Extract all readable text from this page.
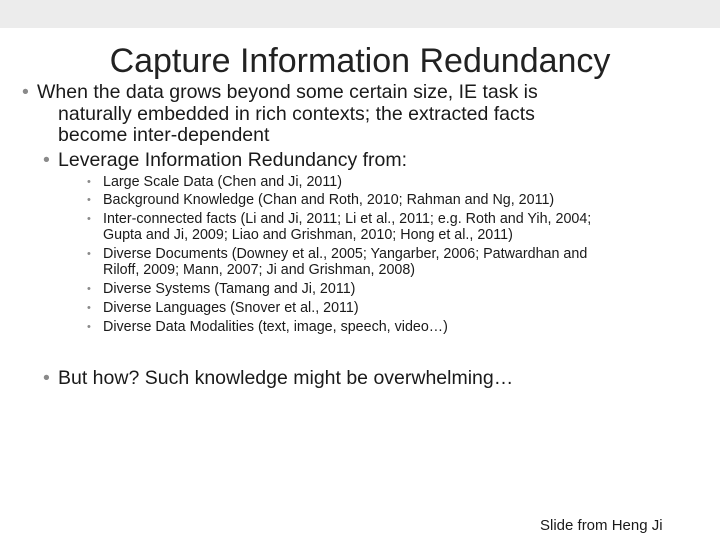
Capture Information Redundancy
• When the data grows beyond some certain size, IE task is
naturally embedded in rich contexts; the extracted facts
become inter-dependent
• Leverage Information Redundancy from:
• Large Scale Data (Chen and Ji, 2011)
• Background Knowledge (Chan and Roth, 2010; Rahman and Ng, 2011)
• Inter-connected facts (Li and Ji, 2011; Li et al., 2011; e.g. Roth and Yih, 2004;
Gupta and Ji, 2009; Liao and Grishman, 2010; Hong et al., 2011)
• Diverse Documents (Downey et al., 2005; Yangarber, 2006; Patwardhan and
Riloff, 2009; Mann, 2007; Ji and Grishman, 2008)
• Diverse Systems (Tamang and Ji, 2011)
• Diverse Languages (Snover et al., 2011)
• Diverse Data Modalities (text, image, speech, video…)
• But how? Such knowledge might be overwhelming…
Slide from Heng Ji
